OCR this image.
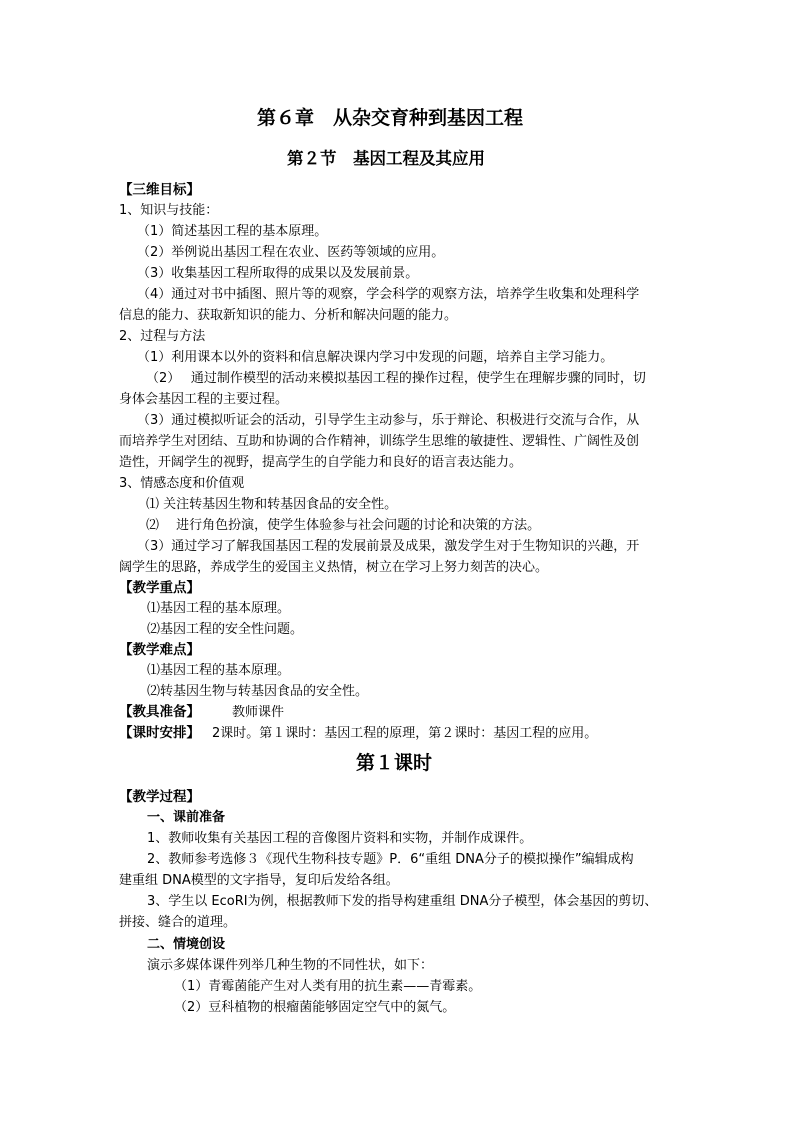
第６章　从杂交育种到基因工程
第２节　基因工程及其应用
【三维目标】
1、知识与技能：
（1）简述基因工程的基本原理。
（2）举例说出基因工程在农业、医药等领域的应用。
（3）收集基因工程所取得的成果以及发展前景。
（4）通过对书中插图、照片等的观察，学会科学的观察方法，培养学生收集和处理科学
信息的能力、获取新知识的能力、分析和解决问题的能力。
2、过程与方法
（1）利用课本以外的资料和信息解决课内学习中发现的问题，培养自主学习能力。
（2）　 通过制作模型的活动来模拟基因工程的操作过程，使学生在理解步骤的同时，切
身体会基因工程的主要过程。
（3）通过模拟听证会的活动，引导学生主动参与，乐于辩论、积极进行交流与合作，从
而培养学生对团结、互助和协调的合作精神，训练学生思维的敏捷性、逻辑性、广阔性及创
造性，开阔学生的视野，提高学生的自学能力和良好的语言表达能力。
3、情感态度和价值观
⑴ 关注转基因生物和转基因食品的安全性。
⑵　 进行角色扮演，使学生体验参与社会问题的讨论和决策的方法。
（3）通过学习了解我国基因工程的发展前景及成果，激发学生对于生物知识的兴趣，开
阔学生的思路，养成学生的爱国主义热情，树立在学习上努力刻苦的决心。
【教学重点】
⑴基因工程的基本原理。
⑵基因工程的安全性问题。
【教学难点】
⑴基因工程的基本原理。
⑵转基因生物与转基因食品的安全性。
【教具准备】 教师课件
【课时安排】 2课时。第１课时：基因工程的原理，第２课时：基因工程的应用。
第１课时
【教学过程】
一、课前准备
1、教师收集有关基因工程的音像图片资料和实物，并制作成课件。
2、教师参考选修３《现代生物科技专题》P．6“重组 DNA分子的模拟操作”编辑成构
建重组 DNA模型的文字指导，复印后发给各组。
3、学生以 EcoRI为例，根据教师下发的指导构建重组 DNA分子模型，体会基因的剪切、
拼接、缝合的道理。
二、情境创设
演示多媒体课件列举几种生物的不同性状，如下：
（1）青霉菌能产生对人类有用的抗生素——青霉素。
（2）豆科植物的根瘤菌能够固定空气中的氮气。
